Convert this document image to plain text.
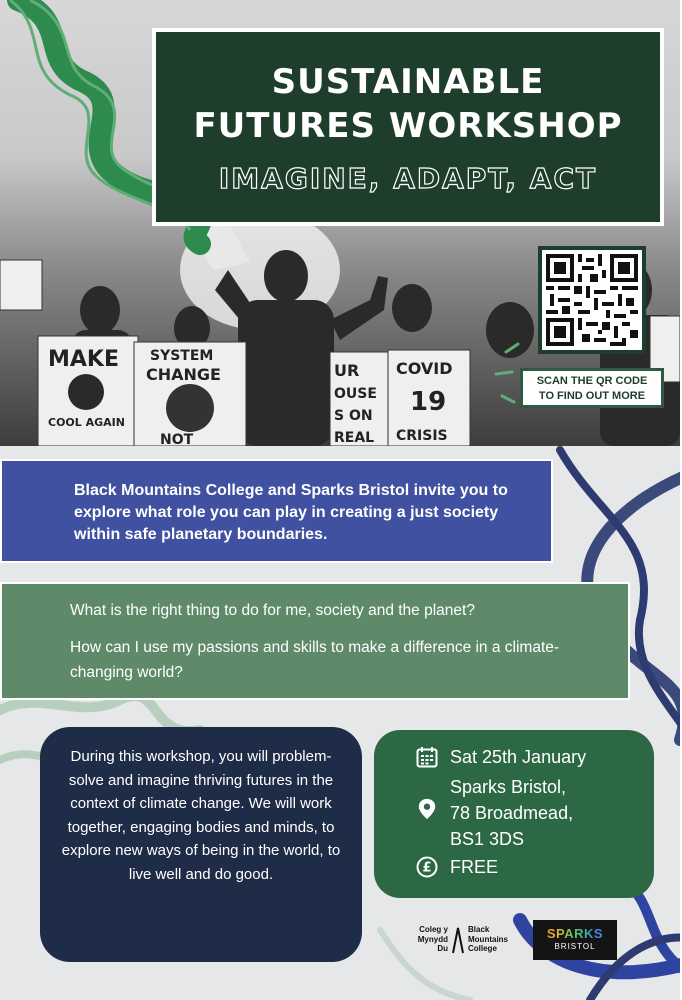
MAKE
COOL AGAIN
SYSTEM
CHANGE
NOT
COVID
19
CRISIS
UR
OUSE
S ON
REAL
SUSTAINABLE
FUTURES WORKSHOP
IMAGINE, ADAPT, ACT
SCAN THE QR CODE
TO FIND OUT MORE

Black Mountains College and Sparks Bristol invite you to explore what role you can play in creating a just society within safe planetary boundaries.

What is the right thing to do for me, society and the planet?

How can I use my passions and skills to make a difference in a climate-changing world?

During this workshop, you will problem-solve and imagine thriving futures in the context of climate change. We will work together, engaging bodies and minds, to explore new ways of being in the world, to live well and do good.

Sat 25th January
Sparks Bristol,
78 Broadmead,
BS1 3DS
£ FREE
Coleg y
Mynydd
Du
Black
Mountains
College
SPARKS
BRISTOL
